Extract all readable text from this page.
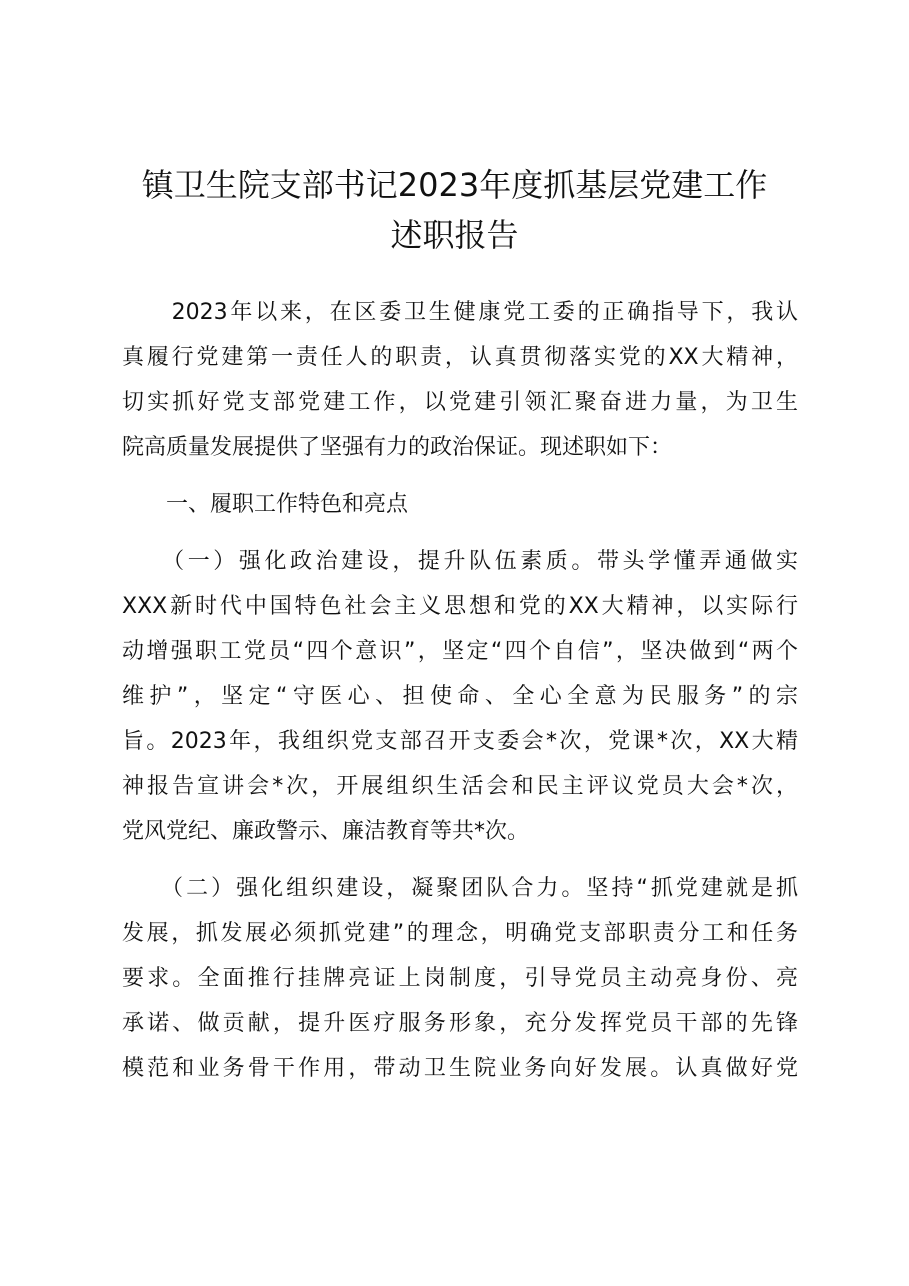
镇卫生院支部书记2023年度抓基层党建工作
述职报告

　　2023年以来，在区委卫生健康党工委的正确指导下，我认
真履行党建第一责任人的职责，认真贯彻落实党的XX大精神，
切实抓好党支部党建工作，以党建引领汇聚奋进力量，为卫生
院高质量发展提供了坚强有力的政治保证。现述职如下：

　　一、履职工作特色和亮点

　　（一）强化政治建设，提升队伍素质。带头学懂弄通做实
XXX新时代中国特色社会主义思想和党的XX大精神，以实际行
动增强职工党员“四个意识”，坚定“四个自信”，坚决做到“两个
维护”，坚定“守医心、担使命、全心全意为民服务”的宗
旨。2023年，我组织党支部召开支委会*次，党课*次，XX大精
神报告宣讲会*次，开展组织生活会和民主评议党员大会*次，
党风党纪、廉政警示、廉洁教育等共*次。

　　（二）强化组织建设，凝聚团队合力。坚持“抓党建就是抓
发展，抓发展必须抓党建”的理念，明确党支部职责分工和任务
要求。全面推行挂牌亮证上岗制度，引导党员主动亮身份、亮
承诺、做贡献，提升医疗服务形象，充分发挥党员干部的先锋
模范和业务骨干作用，带动卫生院业务向好发展。认真做好党
